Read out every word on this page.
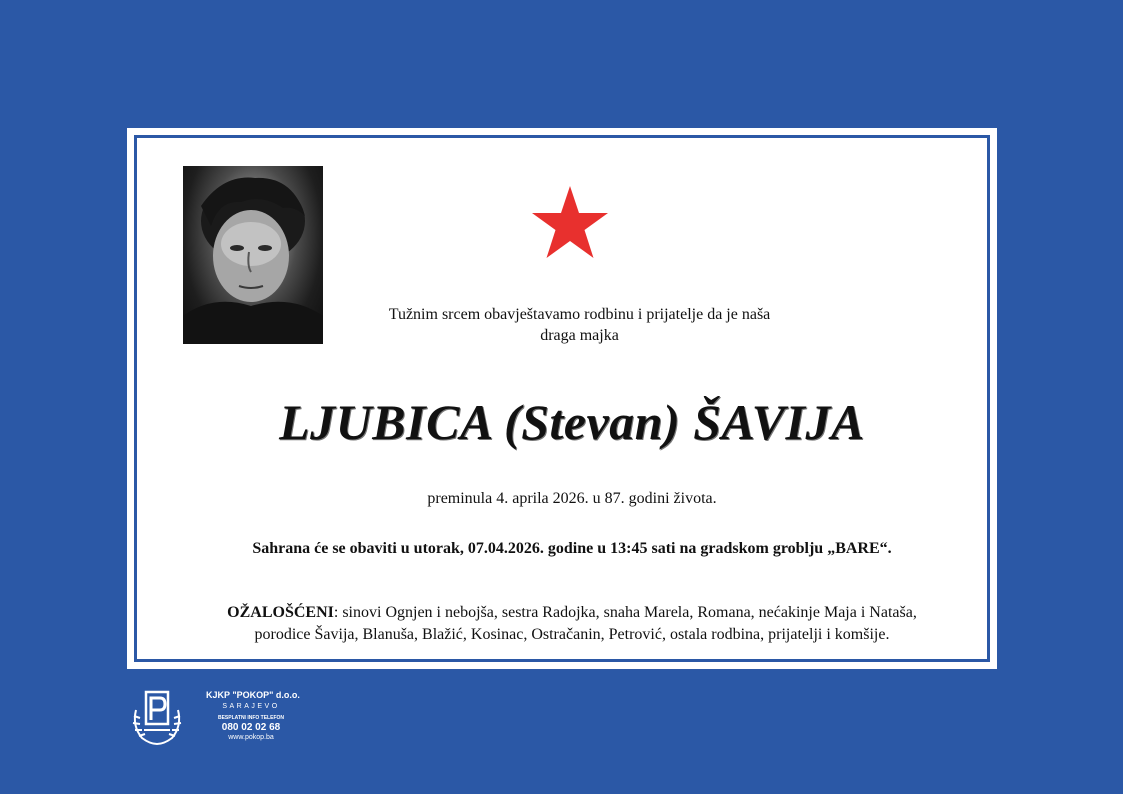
Tužnim srcem obavještavamo rodbinu i prijatelje da je naša
draga majka
LJUBICA (Stevan) ŠAVIJA
preminula 4. aprila 2026. u 87. godini života.
Sahrana će se obaviti u utorak, 07.04.2026. godine u 13:45 sati na gradskom groblju „BARE“.
OŽALOŠĆENI: sinovi Ognjen i nebojša, sestra Radojka, snaha Marela, Romana, nećakinje Maja i Nataša,
porodice Šavija, Blanuša, Blažić, Kosinac, Ostračanin, Petrović, ostala rodbina, prijatelji i komšije.
KJKP "POKOP" d.o.o.
SARAJEVO
BESPLATNI INFO TELEFON
080 02 02 68
www.pokop.ba
